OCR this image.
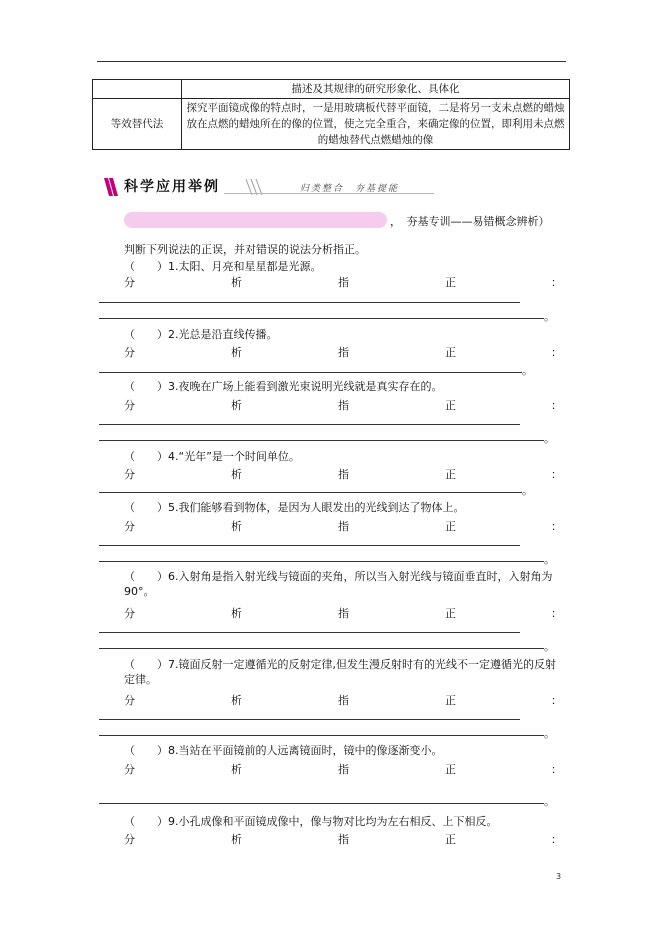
	描述及其规律的研究形象化、具体化
等效替代法	探究平面镜成像的特点时，一是用玻璃板代替平面镜，二是将另一支未点燃的蜡烛放在点燃的蜡烛所在的像的位置，使之完全重合，来确定像的位置，即利用未点燃的蜡烛替代点燃蜡烛的像
科学应用举例	归类整合　夯基提能
，　夯基专训——易错概念辨析）
判断下列说法的正误，并对错误的说法分析指正。
（　　）1.太阳、月亮和星星都是光源。
分	析	指	正	：
。
（　　）2.光总是沿直线传播。
分	析	指	正	：
。
（　　）3.夜晚在广场上能看到激光束说明光线就是真实存在的。
分	析	指	正	：
。
（　　）4.“光年”是一个时间单位。
分	析	指	正	：
。
（　　）5.我们能够看到物体，是因为人眼发出的光线到达了物体上。
分	析	指	正	：
。
（　　）6.入射角是指入射光线与镜面的夹角，所以当入射光线与镜面垂直时，入射角为90°。
分	析	指	正	：
。
（　　）7.镜面反射一定遵循光的反射定律,但发生漫反射时有的光线不一定遵循光的反射定律。
分	析	指	正	：
。
（　　）8.当站在平面镜前的人远离镜面时，镜中的像逐渐变小。
分	析	指	正	：
。
（　　）9.小孔成像和平面镜成像中，像与物对比均为左右相反、上下相反。
分	析	指	正	：
3
